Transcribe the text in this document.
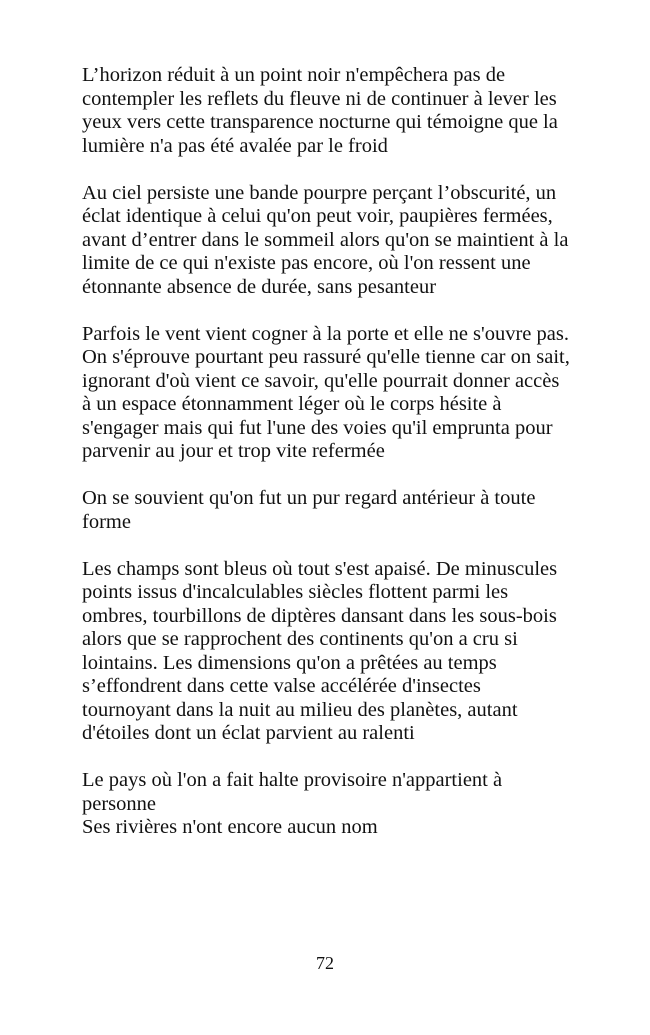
L’horizon réduit à un point noir n'empêchera pas de
contempler les reflets du fleuve ni de continuer à lever les
yeux vers cette transparence nocturne qui témoigne que la
lumière n'a pas été avalée par le froid
Au ciel persiste une bande pourpre perçant l’obscurité, un
éclat identique à celui qu'on peut voir, paupières fermées,
avant d’entrer dans le sommeil alors qu'on se maintient à la
limite de ce qui n'existe pas encore, où l'on ressent une
étonnante absence de durée, sans pesanteur
Parfois le vent vient cogner à la porte et elle ne s'ouvre pas.
On s'éprouve pourtant peu rassuré qu'elle tienne car on sait,
ignorant d'où vient ce savoir, qu'elle pourrait donner accès
à un espace étonnamment léger où le corps hésite à
s'engager mais qui fut l'une des voies qu'il emprunta pour
parvenir au jour et trop vite refermée
On se souvient qu'on fut un pur regard antérieur à toute
forme
Les champs sont bleus où tout s'est apaisé. De minuscules
points issus d'incalculables siècles flottent parmi les
ombres, tourbillons de diptères dansant dans les sous-bois
alors que se rapprochent des continents qu'on a cru si
lointains. Les dimensions qu'on a prêtées au temps
s’effondrent dans cette valse accélérée d'insectes
tournoyant dans la nuit au milieu des planètes, autant
d'étoiles dont un éclat parvient au ralenti
Le pays où l'on a fait halte provisoire n'appartient à
personne
Ses rivières n'ont encore aucun nom
72
